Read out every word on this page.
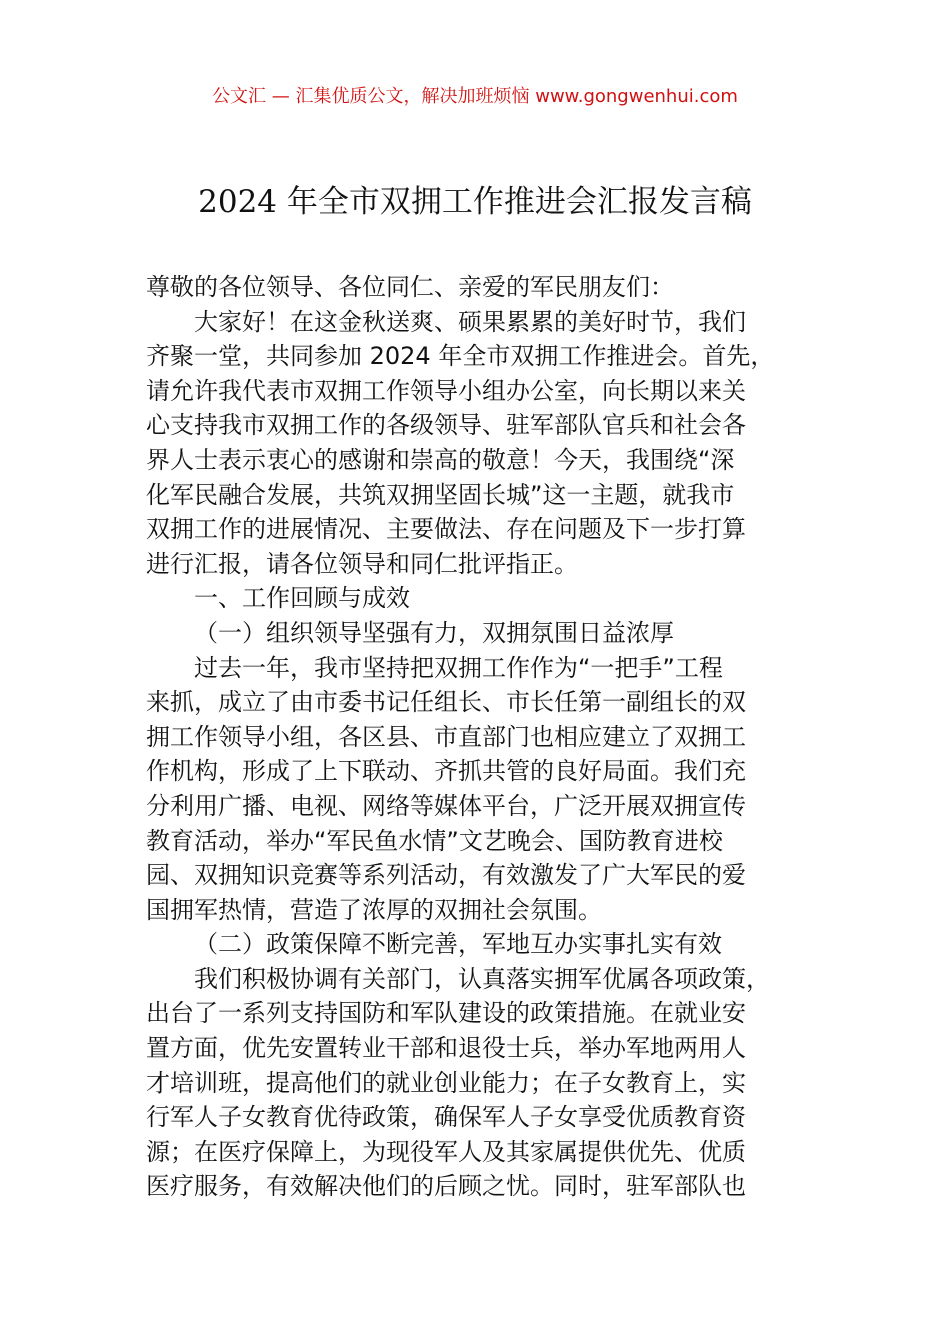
公文汇 — 汇集优质公文，解决加班烦恼 www.gongwenhui.com
2024 年全市双拥工作推进会汇报发言稿
尊敬的各位领导、各位同仁、亲爱的军民朋友们：
大家好！在这金秋送爽、硕果累累的美好时节，我们
齐聚一堂，共同参加 2024 年全市双拥工作推进会。首先，
请允许我代表市双拥工作领导小组办公室，向长期以来关
心支持我市双拥工作的各级领导、驻军部队官兵和社会各
界人士表示衷心的感谢和崇高的敬意！今天，我围绕“深
化军民融合发展，共筑双拥坚固长城”这一主题，就我市
双拥工作的进展情况、主要做法、存在问题及下一步打算
进行汇报，请各位领导和同仁批评指正。
一、工作回顾与成效
（一）组织领导坚强有力，双拥氛围日益浓厚
过去一年，我市坚持把双拥工作作为“一把手”工程
来抓，成立了由市委书记任组长、市长任第一副组长的双
拥工作领导小组，各区县、市直部门也相应建立了双拥工
作机构，形成了上下联动、齐抓共管的良好局面。我们充
分利用广播、电视、网络等媒体平台，广泛开展双拥宣传
教育活动，举办“军民鱼水情”文艺晚会、国防教育进校
园、双拥知识竞赛等系列活动，有效激发了广大军民的爱
国拥军热情，营造了浓厚的双拥社会氛围。
（二）政策保障不断完善，军地互办实事扎实有效
我们积极协调有关部门，认真落实拥军优属各项政策，
出台了一系列支持国防和军队建设的政策措施。在就业安
置方面，优先安置转业干部和退役士兵，举办军地两用人
才培训班，提高他们的就业创业能力；在子女教育上，实
行军人子女教育优待政策，确保军人子女享受优质教育资
源；在医疗保障上，为现役军人及其家属提供优先、优质
医疗服务，有效解决他们的后顾之忧。同时，驻军部队也
